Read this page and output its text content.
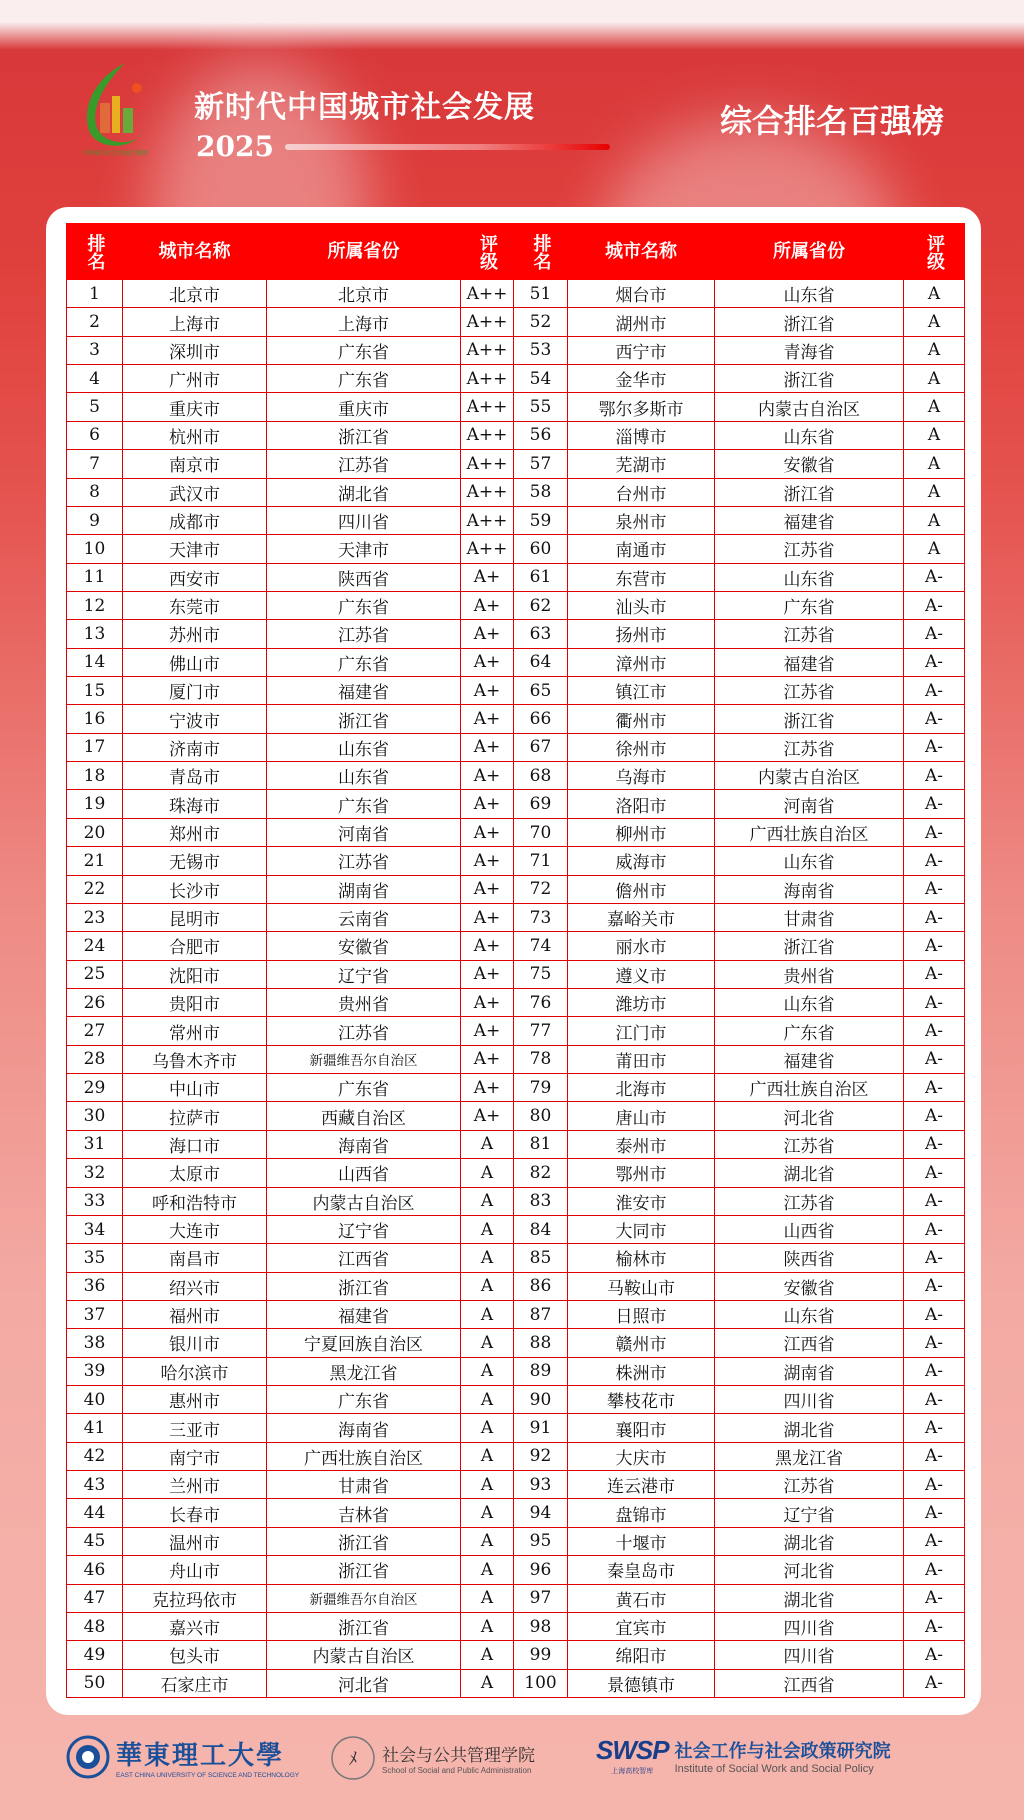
中国城市社会发展百强榜
新时代中国城市社会发展
2025
综合排名百强榜
排名	城市名称	所属省份	评级	排名	城市名称	所属省份	评级
1	北京市	北京市	A++	51	烟台市	山东省	A
2	上海市	上海市	A++	52	湖州市	浙江省	A
3	深圳市	广东省	A++	53	西宁市	青海省	A
4	广州市	广东省	A++	54	金华市	浙江省	A
5	重庆市	重庆市	A++	55	鄂尔多斯市	内蒙古自治区	A
6	杭州市	浙江省	A++	56	淄博市	山东省	A
7	南京市	江苏省	A++	57	芜湖市	安徽省	A
8	武汉市	湖北省	A++	58	台州市	浙江省	A
9	成都市	四川省	A++	59	泉州市	福建省	A
10	天津市	天津市	A++	60	南通市	江苏省	A
11	西安市	陕西省	A+	61	东营市	山东省	A-
12	东莞市	广东省	A+	62	汕头市	广东省	A-
13	苏州市	江苏省	A+	63	扬州市	江苏省	A-
14	佛山市	广东省	A+	64	漳州市	福建省	A-
15	厦门市	福建省	A+	65	镇江市	江苏省	A-
16	宁波市	浙江省	A+	66	衢州市	浙江省	A-
17	济南市	山东省	A+	67	徐州市	江苏省	A-
18	青岛市	山东省	A+	68	乌海市	内蒙古自治区	A-
19	珠海市	广东省	A+	69	洛阳市	河南省	A-
20	郑州市	河南省	A+	70	柳州市	广西壮族自治区	A-
21	无锡市	江苏省	A+	71	威海市	山东省	A-
22	长沙市	湖南省	A+	72	儋州市	海南省	A-
23	昆明市	云南省	A+	73	嘉峪关市	甘肃省	A-
24	合肥市	安徽省	A+	74	丽水市	浙江省	A-
25	沈阳市	辽宁省	A+	75	遵义市	贵州省	A-
26	贵阳市	贵州省	A+	76	潍坊市	山东省	A-
27	常州市	江苏省	A+	77	江门市	广东省	A-
28	乌鲁木齐市	新疆维吾尔自治区	A+	78	莆田市	福建省	A-
29	中山市	广东省	A+	79	北海市	广西壮族自治区	A-
30	拉萨市	西藏自治区	A+	80	唐山市	河北省	A-
31	海口市	海南省	A	81	泰州市	江苏省	A-
32	太原市	山西省	A	82	鄂州市	湖北省	A-
33	呼和浩特市	内蒙古自治区	A	83	淮安市	江苏省	A-
34	大连市	辽宁省	A	84	大同市	山西省	A-
35	南昌市	江西省	A	85	榆林市	陕西省	A-
36	绍兴市	浙江省	A	86	马鞍山市	安徽省	A-
37	福州市	福建省	A	87	日照市	山东省	A-
38	银川市	宁夏回族自治区	A	88	赣州市	江西省	A-
39	哈尔滨市	黑龙江省	A	89	株洲市	湖南省	A-
40	惠州市	广东省	A	90	攀枝花市	四川省	A-
41	三亚市	海南省	A	91	襄阳市	湖北省	A-
42	南宁市	广西壮族自治区	A	92	大庆市	黑龙江省	A-
43	兰州市	甘肃省	A	93	连云港市	江苏省	A-
44	长春市	吉林省	A	94	盘锦市	辽宁省	A-
45	温州市	浙江省	A	95	十堰市	湖北省	A-
46	舟山市	浙江省	A	96	秦皇岛市	河北省	A-
47	克拉玛依市	新疆维吾尔自治区	A	97	黄石市	湖北省	A-
48	嘉兴市	浙江省	A	98	宜宾市	四川省	A-
49	包头市	内蒙古自治区	A	99	绵阳市	四川省	A-
50	石家庄市	河北省	A	100	景德镇市	江西省	A-
華東理工大學
EAST CHINA UNIVERSITY OF SCIENCE AND TECHNOLOGY
ﾒ 社会与公共管理学院
School of Social and Public Administration
SWSP
上海高校智库
社会工作与社会政策研究院
Institute of Social Work and Social Policy
